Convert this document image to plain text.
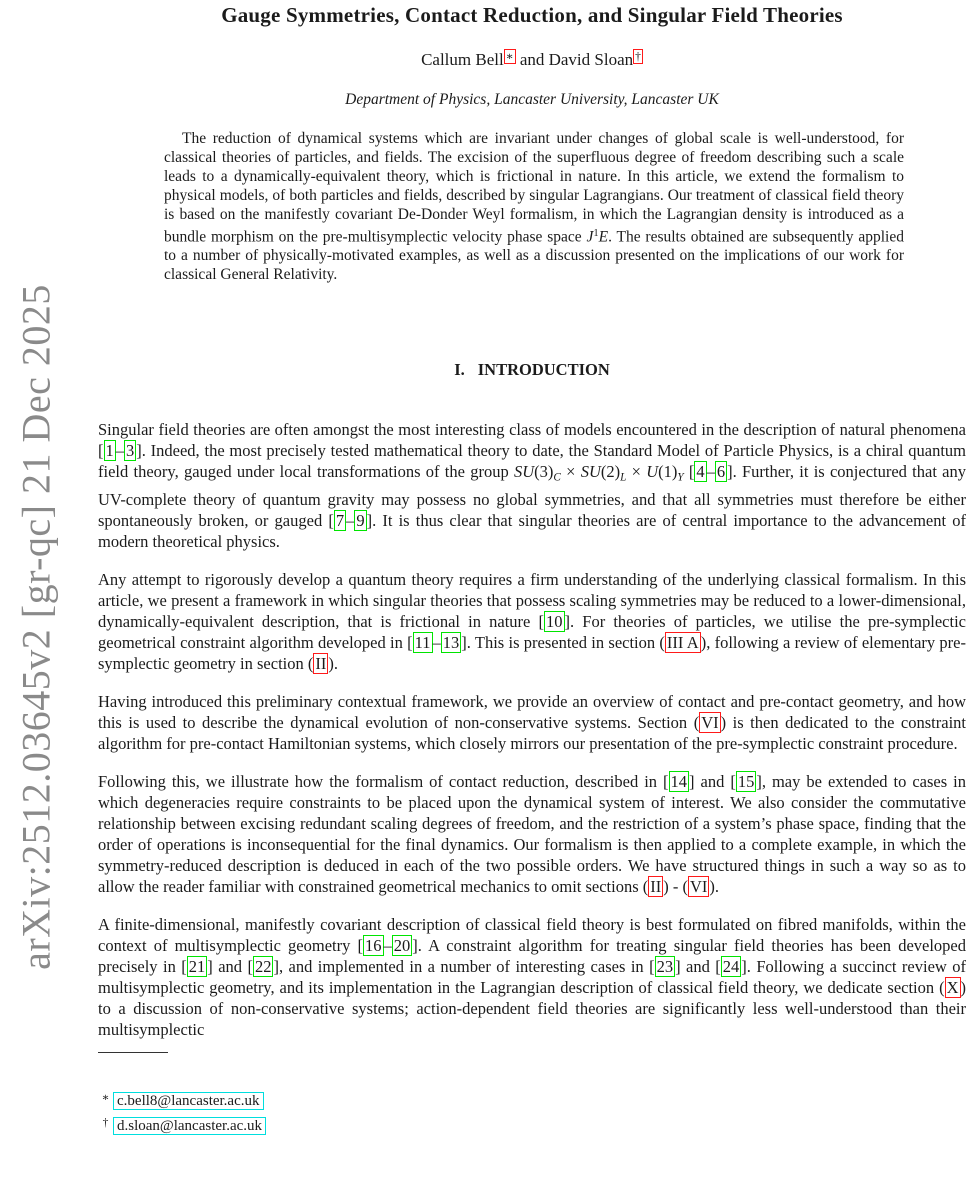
arXiv:2512.03645v2 [gr-qc] 21 Dec 2025
Gauge Symmetries, Contact Reduction, and Singular Field Theories
Callum Bell ∗ and David Sloan †
Department of Physics, Lancaster University, Lancaster UK
The reduction of dynamical systems which are invariant under changes of global scale is well-understood, for classical theories of particles, and fields. The excision of the superfluous degree of freedom describing such a scale leads to a dynamically-equivalent theory, which is frictional in nature. In this article, we extend the formalism to physical models, of both particles and fields, described by singular Lagrangians. Our treatment of classical field theory is based on the manifestly covariant De-Donder Weyl formalism, in which the Lagrangian density is introduced as a bundle morphism on the pre-multisymplectic velocity phase space $J^1E$. The results obtained are subsequently applied to a number of physically-motivated examples, as well as a discussion presented on the implications of our work for classical General Relativity.
I. INTRODUCTION
Singular field theories are often amongst the most interesting class of models encountered in the description of natural phenomena [ 1 – 3 ]. Indeed, the most precisely tested mathematical theory to date, the Standard Model of Particle Physics, is a chiral quantum field theory, gauged under local transformations of the group $SU(3)_C \times SU(2)_L \times U(1)_Y$ [ 4 – 6 ]. Further, it is conjectured that any UV-complete theory of quantum gravity may possess no global symmetries, and that all symmetries must therefore be either spontaneously broken, or gauged [ 7 – 9 ]. It is thus clear that singular theories are of central importance to the advancement of modern theoretical physics.
Any attempt to rigorously develop a quantum theory requires a firm understanding of the underlying classical formalism. In this article, we present a framework in which singular theories that possess scaling symmetries may be reduced to a lower-dimensional, dynamically-equivalent description, that is frictional in nature [ 10 ]. For theories of particles, we utilise the pre-symplectic geometrical constraint algorithm developed in [ 11 – 13 ]. This is presented in section ( III A ), following a review of elementary pre-symplectic geometry in section ( II ).
Having introduced this preliminary contextual framework, we provide an overview of contact and pre-contact geometry, and how this is used to describe the dynamical evolution of non-conservative systems. Section ( VI ) is then dedicated to the constraint algorithm for pre-contact Hamiltonian systems, which closely mirrors our presentation of the pre-symplectic constraint procedure.
Following this, we illustrate how the formalism of contact reduction, described in [ 14 ] and [ 15 ], may be extended to cases in which degeneracies require constraints to be placed upon the dynamical system of interest. We also consider the commutative relationship between excising redundant scaling degrees of freedom, and the restriction of a system’s phase space, finding that the order of operations is inconsequential for the final dynamics. Our formalism is then applied to a complete example, in which the symmetry-reduced description is deduced in each of the two possible orders. We have structured things in such a way so as to allow the reader familiar with constrained geometrical mechanics to omit sections ( II ) - ( VI ).
A finite-dimensional, manifestly covariant description of classical field theory is best formulated on fibred manifolds, within the context of multisymplectic geometry [ 16 – 20 ]. A constraint algorithm for treating singular field theories has been developed precisely in [ 21 ] and [ 22 ], and implemented in a number of interesting cases in [ 23 ] and [ 24 ]. Following a succinct review of multisymplectic geometry, and its implementation in the Lagrangian description of classical field theory, we dedicate section ( X ) to a discussion of non-conservative systems; action-dependent field theories are significantly less well-understood than their multisymplectic
∗ c.bell8@lancaster.ac.uk
† d.sloan@lancaster.ac.uk
